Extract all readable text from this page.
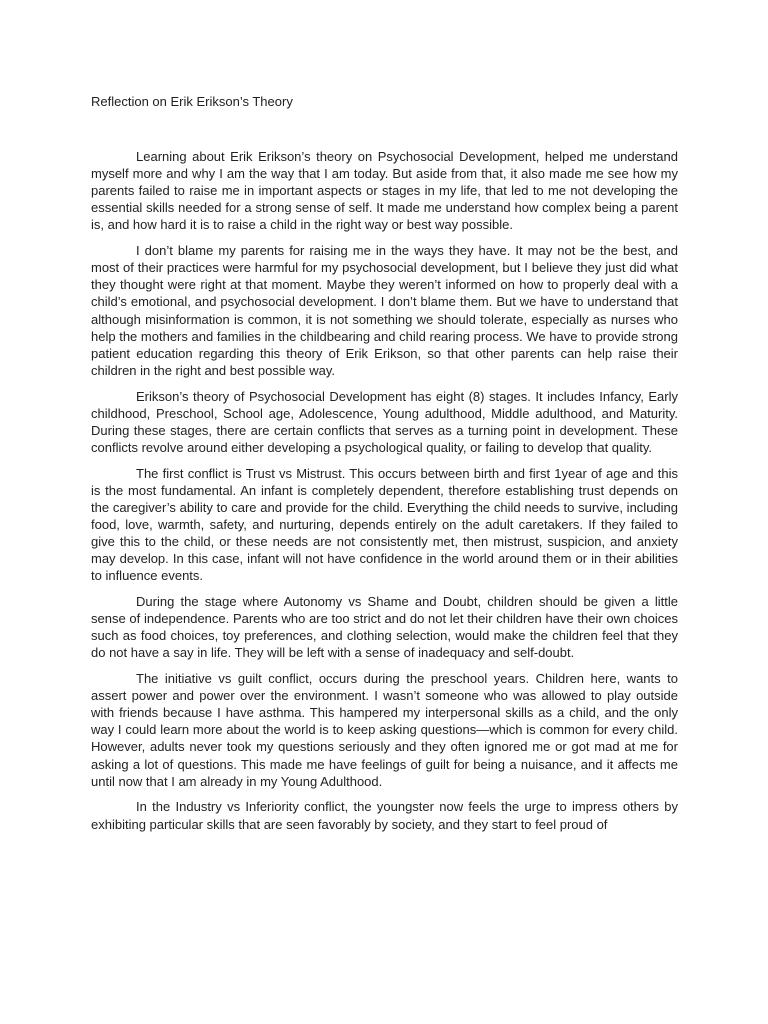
Reflection on Erik Erikson’s Theory

Learning about Erik Erikson’s theory on Psychosocial Development, helped me understand myself more and why I am the way that I am today. But aside from that, it also made me see how my parents failed to raise me in important aspects or stages in my life, that led to me not developing the essential skills needed for a strong sense of self. It made me understand how complex being a parent is, and how hard it is to raise a child in the right way or best way possible.

I don’t blame my parents for raising me in the ways they have. It may not be the best, and most of their practices were harmful for my psychosocial development, but I believe they just did what they thought were right at that moment. Maybe they weren’t informed on how to properly deal with a child’s emotional, and psychosocial development. I don’t blame them. But we have to understand that although misinformation is common, it is not something we should tolerate, especially as nurses who help the mothers and families in the childbearing and child rearing process. We have to provide strong patient education regarding this theory of Erik Erikson, so that other parents can help raise their children in the right and best possible way.

Erikson’s theory of Psychosocial Development has eight (8) stages. It includes Infancy, Early childhood, Preschool, School age, Adolescence, Young adulthood, Middle adulthood, and Maturity. During these stages, there are certain conflicts that serves as a turning point in development. These conflicts revolve around either developing a psychological quality, or failing to develop that quality.

The first conflict is Trust vs Mistrust. This occurs between birth and first 1year of age and this is the most fundamental. An infant is completely dependent, therefore establishing trust depends on the caregiver’s ability to care and provide for the child. Everything the child needs to survive, including food, love, warmth, safety, and nurturing, depends entirely on the adult caretakers. If they failed to give this to the child, or these needs are not consistently met, then mistrust, suspicion, and anxiety may develop. In this case, infant will not have confidence in the world around them or in their abilities to influence events.

During the stage where Autonomy vs Shame and Doubt, children should be given a little sense of independence. Parents who are too strict and do not let their children have their own choices such as food choices, toy preferences, and clothing selection, would make the children feel that they do not have a say in life. They will be left with a sense of inadequacy and self-doubt.

The initiative vs guilt conflict, occurs during the preschool years. Children here, wants to assert power and power over the environment. I wasn’t someone who was allowed to play outside with friends because I have asthma. This hampered my interpersonal skills as a child, and the only way I could learn more about the world is to keep asking questions—which is common for every child. However, adults never took my questions seriously and they often ignored me or got mad at me for asking a lot of questions. This made me have feelings of guilt for being a nuisance, and it affects me until now that I am already in my Young Adulthood.

In the Industry vs Inferiority conflict, the youngster now feels the urge to impress others by exhibiting particular skills that are seen favorably by society, and they start to feel proud of
